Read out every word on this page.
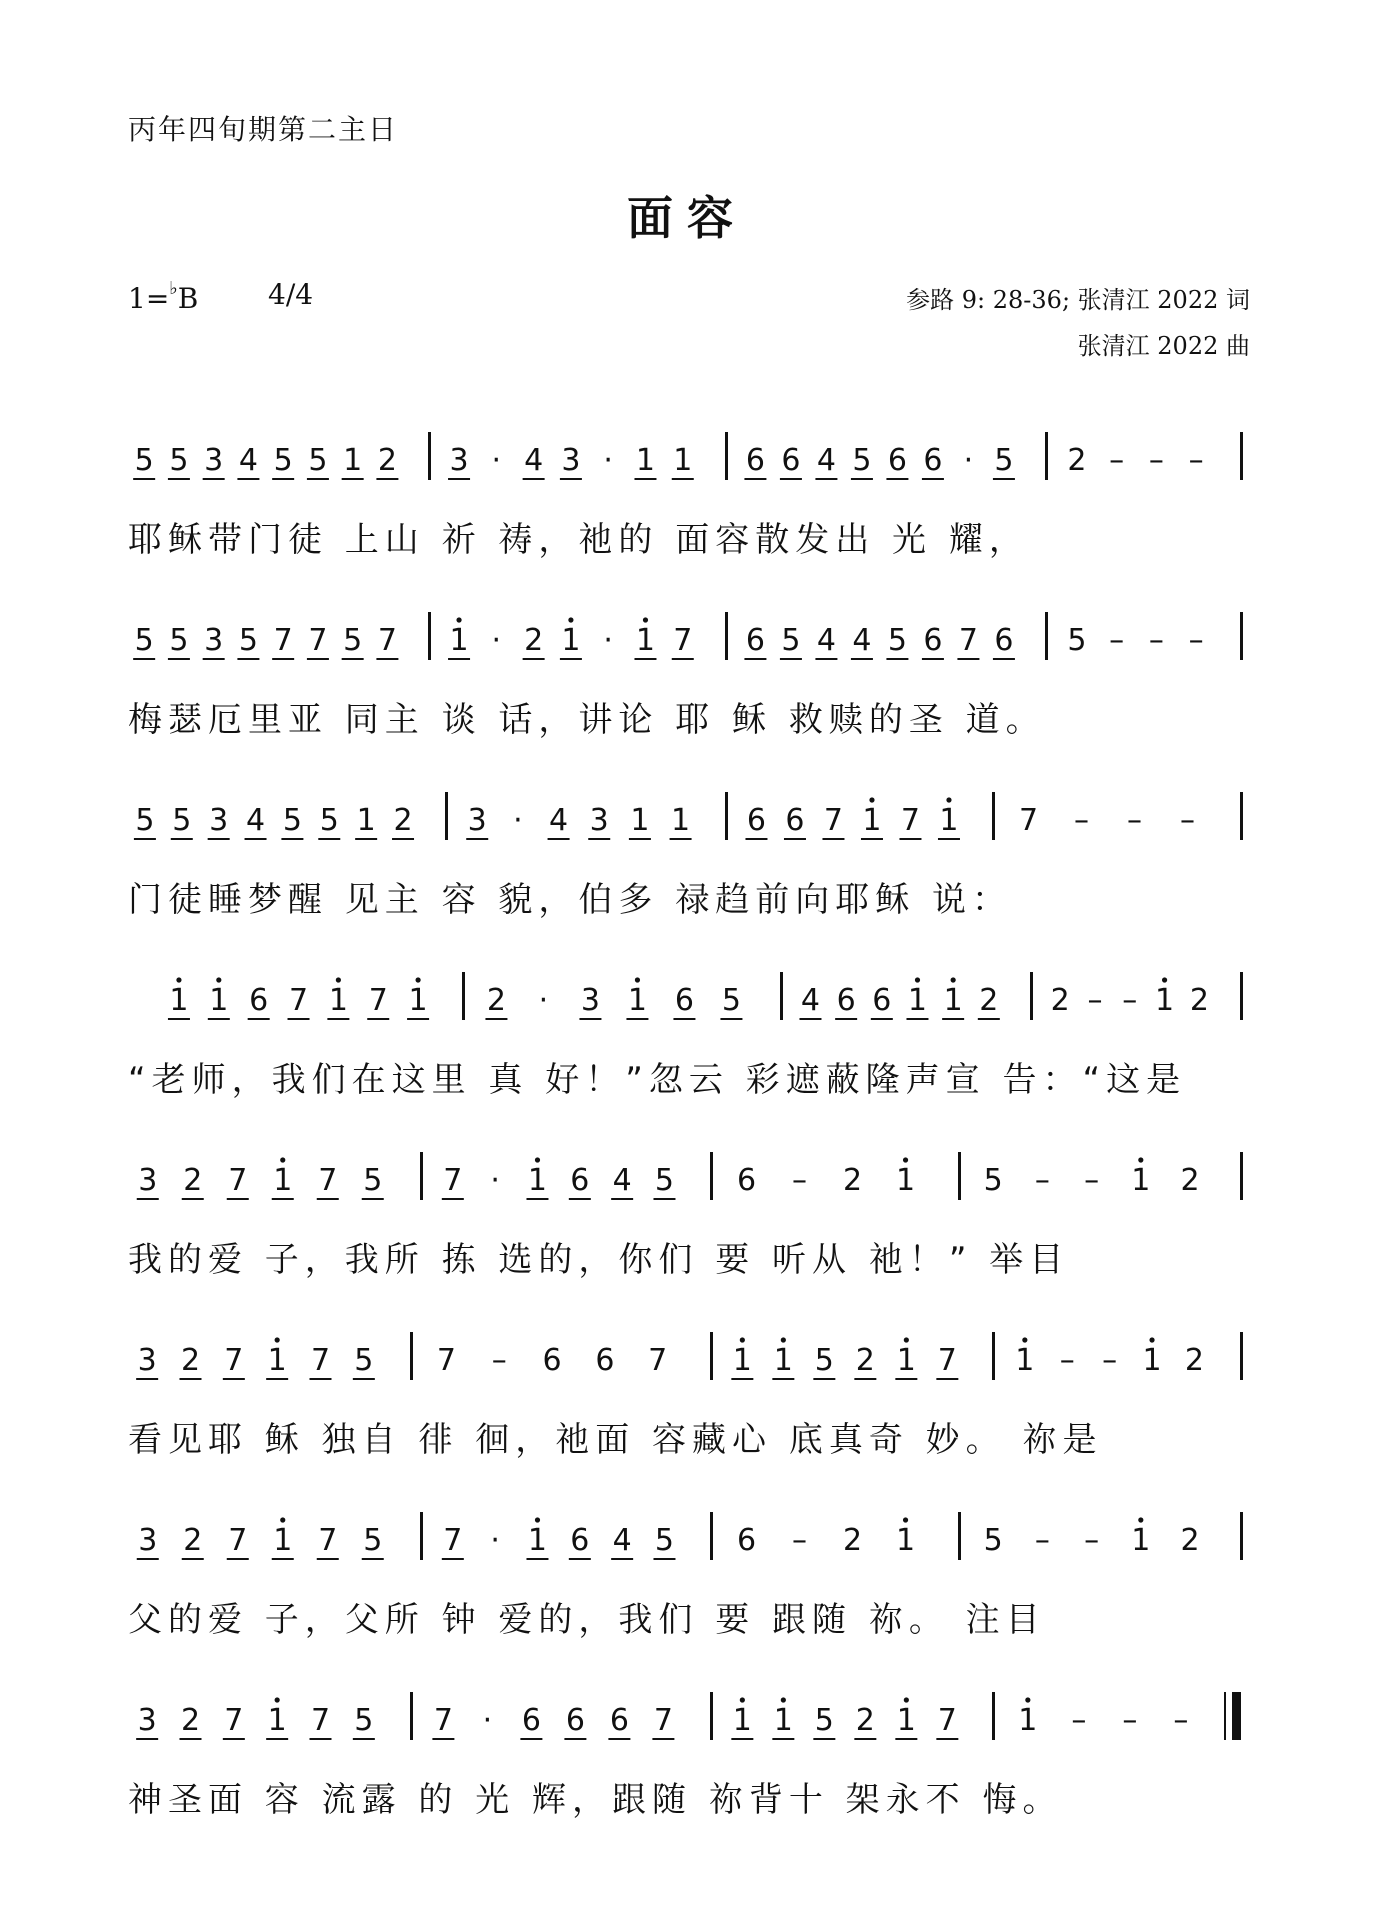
丙年四旬期第二主日
面容
1=♭B 4/4	参路 9: 28-36; 张清江 2022 词
张清江 2022 曲
5 5 3 4 5 5 1 2 3 · 4 3 · 1 1 6 6 4 5 6 6 · 5 2 – – –
耶稣带门徒 上山 祈 祷，祂的 面容散发出 光 耀，
5 5 3 5 7 7 5 7 1 · 2 1 · 1 7 6 5 4 4 5 6 7 6 5 – – –
梅瑟厄里亚 同主 谈 话，讲论 耶 稣 救赎的圣 道。
5 5 3 4 5 5 1 2 3 · 4 3 1 1 6 6 7 1 7 1 7 – – –
门徒睡梦醒 见主 容 貌，伯多 禄趋前向耶稣 说：
1 1 6 7 1 7 1 2 · 3 1 6 5 4 6 6 1 1 2 2 – – 1 2
“老师，我们在这里 真 好！”忽云 彩遮蔽隆声宣 告：“这是
3 2 7 1 7 5 7 · 1 6 4 5 6 – 2 1 5 – – 1 2
我的爱 子，我所 拣 选的，你们 要 听从 祂！” 举目
3 2 7 1 7 5 7 – 6 6 7 1 1 5 2 1 7 1 – – 1 2
看见耶 稣 独自 徘 徊，祂面 容藏心 底真奇 妙。 祢是
3 2 7 1 7 5 7 · 1 6 4 5 6 – 2 1 5 – – 1 2
父的爱 子，父所 钟 爱的，我们 要 跟随 祢。 注目
3 2 7 1 7 5 7 · 6 6 6 7 1 1 5 2 1 7 1 – – –
神圣面 容 流露 的 光 辉，跟随 祢背十 架永不 悔。
